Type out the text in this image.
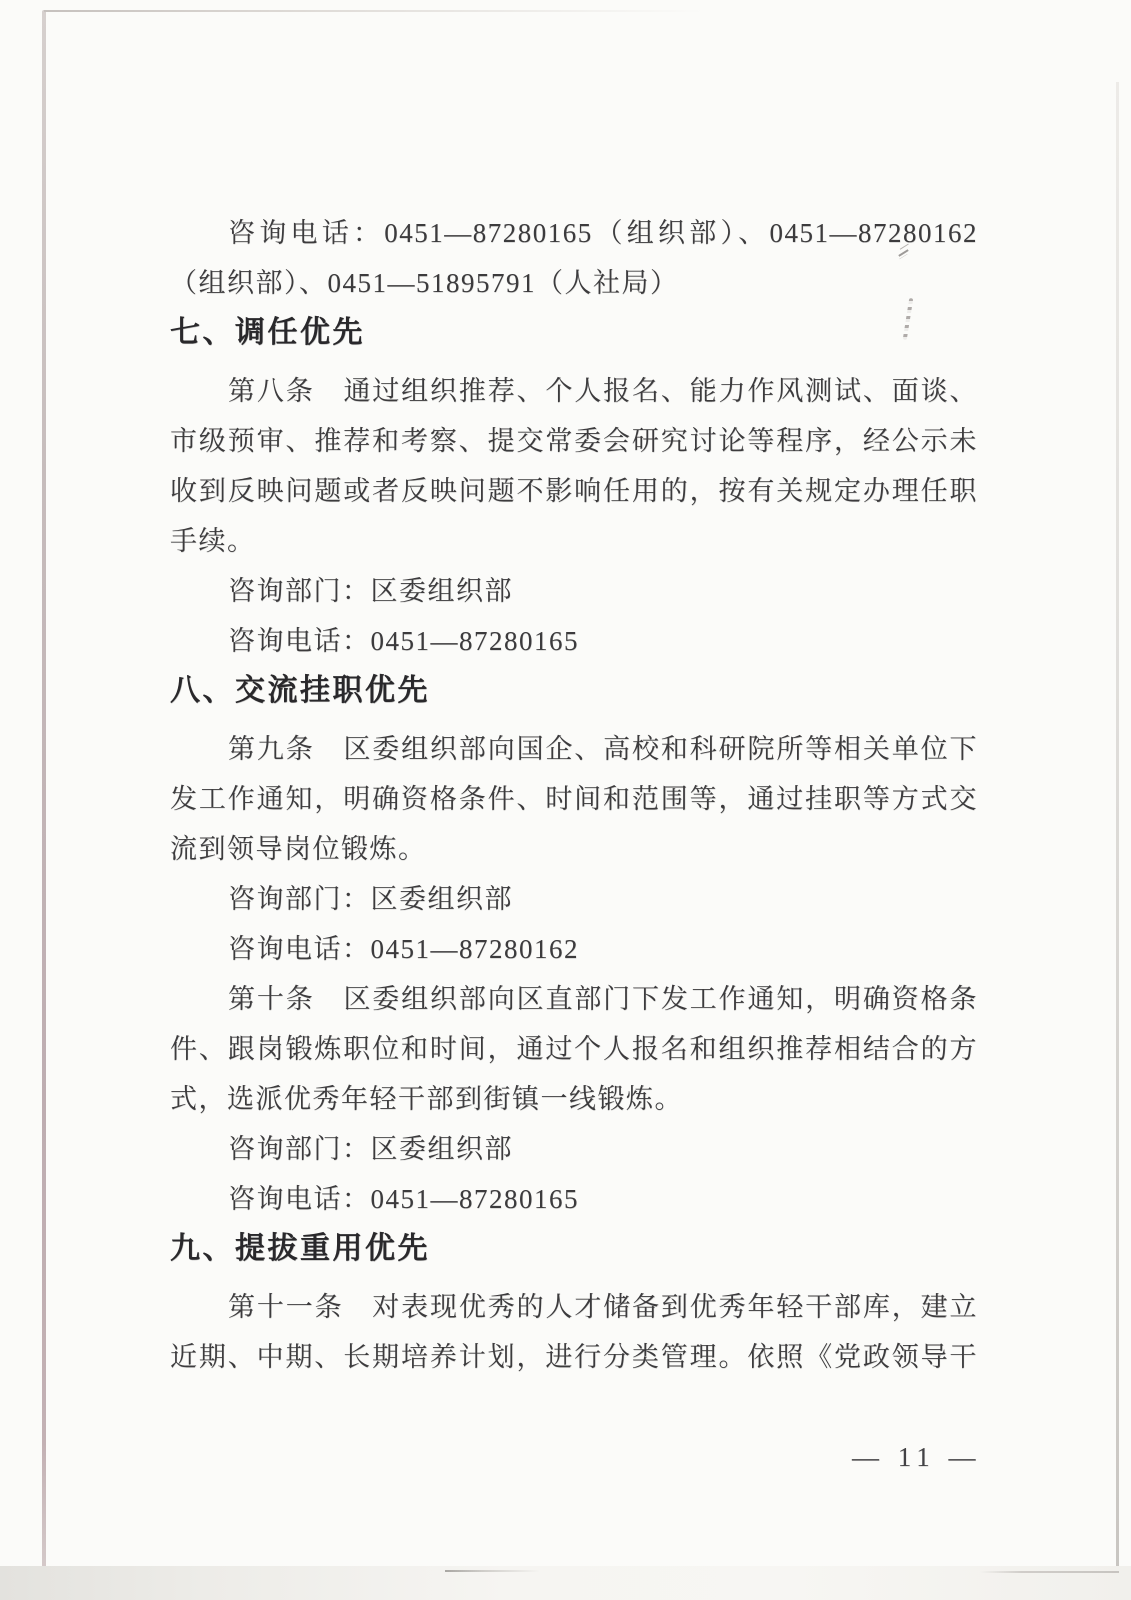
咨询电话：0451—87280165（组织部）、0451—87280162
（组织部）、0451—51895791（人社局）
七、调任优先
第八条　通过组织推荐、个人报名、能力作风测试、面谈、
市级预审、推荐和考察、提交常委会研究讨论等程序，经公示未
收到反映问题或者反映问题不影响任用的，按有关规定办理任职
手续。
咨询部门：区委组织部
咨询电话：0451—87280165
八、交流挂职优先
第九条　区委组织部向国企、高校和科研院所等相关单位下
发工作通知，明确资格条件、时间和范围等，通过挂职等方式交
流到领导岗位锻炼。
咨询部门：区委组织部
咨询电话：0451—87280162
第十条　区委组织部向区直部门下发工作通知，明确资格条
件、跟岗锻炼职位和时间，通过个人报名和组织推荐相结合的方
式，选派优秀年轻干部到街镇一线锻炼。
咨询部门：区委组织部
咨询电话：0451—87280165
九、提拔重用优先
第十一条　对表现优秀的人才储备到优秀年轻干部库，建立
近期、中期、长期培养计划，进行分类管理。依照《党政领导干
— 11 —
